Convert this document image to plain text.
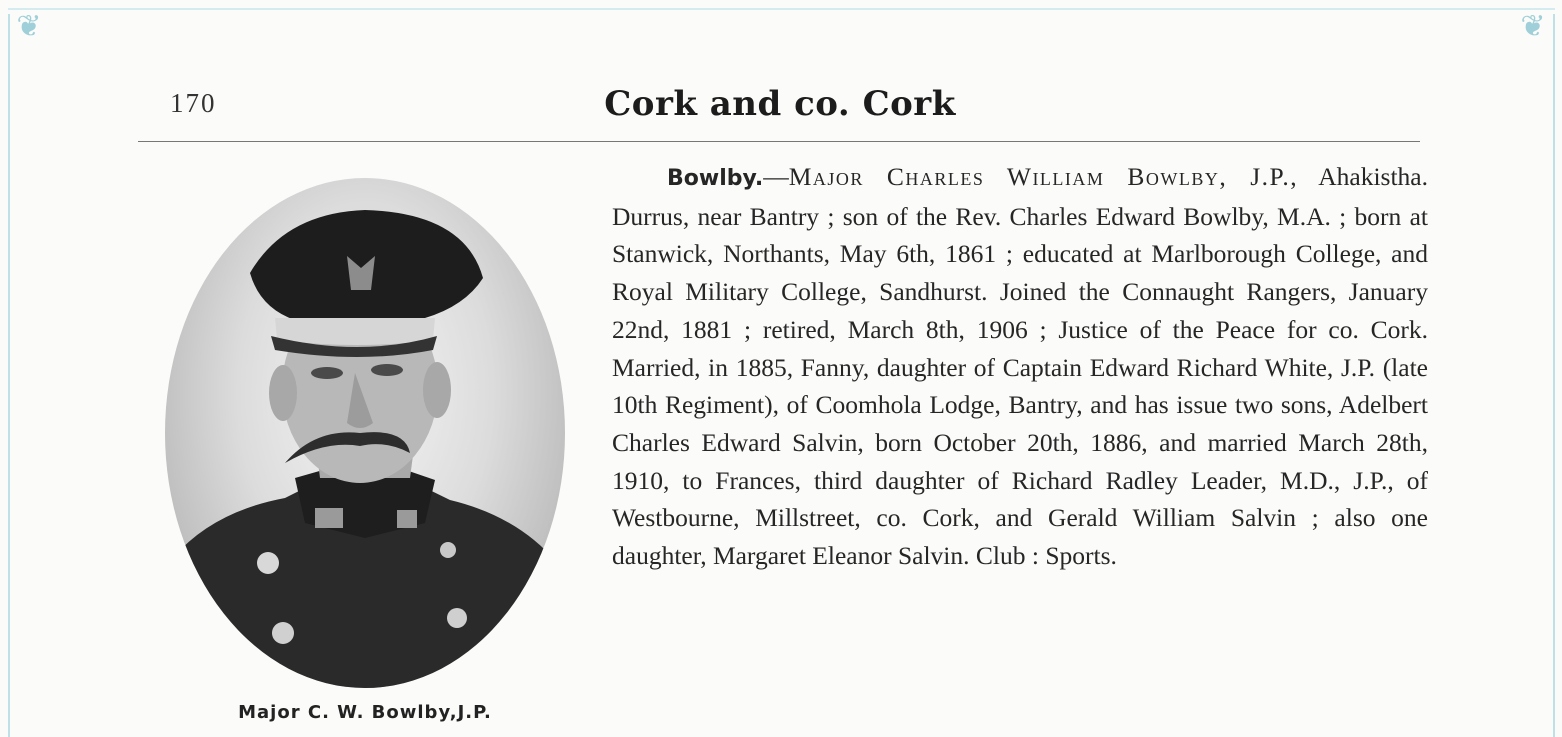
❦	❦
170	Cork and co. Cork
Major C. W. Bowlby,J.P.

Bowlby.—Major Charles William Bowlby, J.P., Ahakistha. Durrus, near Bantry ; son of the Rev. Charles Edward Bowlby, M.A. ; born at Stanwick, Northants, May 6th, 1861 ; educated at Marlborough College, and Royal Military College, Sandhurst. Joined the Connaught Rangers, January 22nd, 1881 ; retired, March 8th, 1906 ; Justice of the Peace for co. Cork. Married, in 1885, Fanny, daughter of Captain Edward Richard White, J.P. (late 10th Regiment), of Coomhola Lodge, Bantry, and has issue two sons, Adelbert Charles Edward Salvin, born October 20th, 1886, and married March 28th, 1910, to Frances, third daughter of Richard Radley Leader, M.D., J.P., of Westbourne, Millstreet, co. Cork, and Gerald William Salvin ; also one daughter, Margaret Eleanor Salvin. Club : Sports.
